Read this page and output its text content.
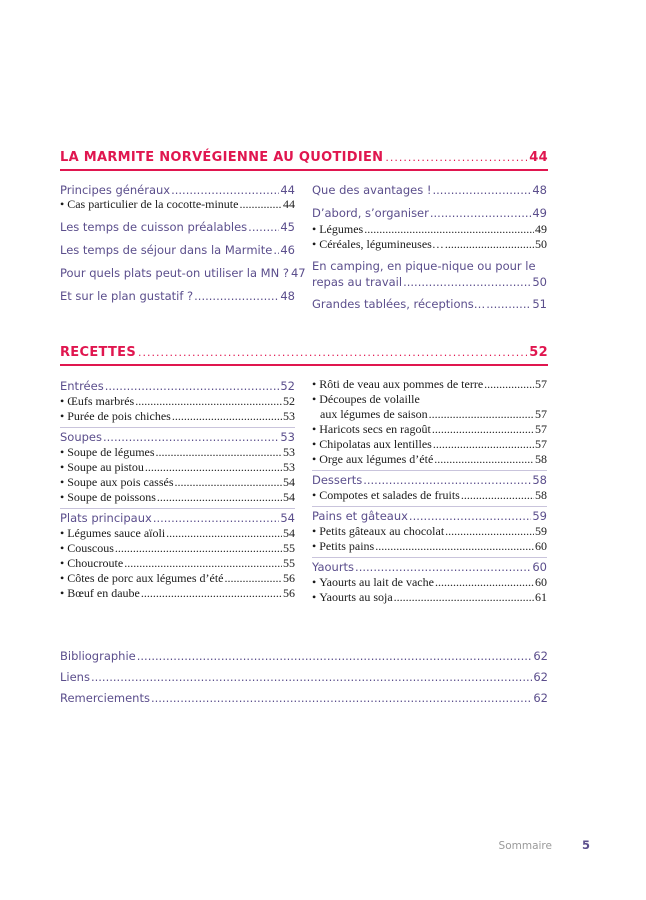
LA MARMITE NORVÉGIENNE AU QUOTIDIEN .....	44
Principes généraux .....	44
• Cas particulier de la cocotte-minute .....	44
Les temps de cuisson préalables .....	45
Les temps de séjour dans la Marmite ..... 46
Pour quels plats peut-on utiliser la MN ? 47
Et sur le plan gustatif ? .....	48
Que des avantages ! .....	48
D’abord, s’organiser .....	49
• Légumes .....	49
• Céréales, légumineuses… .....	50
En camping, en pique-nique ou pour le
repas au travail .....	50
Grandes tablées, réceptions… .....	51
RECETTES .....	52
Entrées .....	52
• Œufs marbrés .....	52
• Purée de pois chiches .....	53
Soupes .....	53
• Soupe de légumes .....	53
• Soupe au pistou .....	53
• Soupe aux pois cassés .....	54
• Soupe de poissons .....	54
Plats principaux .....	54
• Légumes sauce aïoli .....	54
• Couscous .....	55
• Choucroute .....	55
• Côtes de porc aux légumes d’été .....	56
• Bœuf en daube .....	56
• Rôti de veau aux pommes de terre .....	57
• Découpes de volaille
aux légumes de saison .....	57
• Haricots secs en ragoût .....	57
• Chipolatas aux lentilles .....	57
• Orge aux légumes d’été .....	58
Desserts .....	58
• Compotes et salades de fruits .....	58
Pains et gâteaux .....	59
• Petits gâteaux au chocolat .....	59
• Petits pains .....	60
Yaourts .....	60
• Yaourts au lait de vache .....	60
• Yaourts au soja .....	61
Bibliographie .....	62
Liens .....	62
Remerciements .....	62
Sommaire	5
